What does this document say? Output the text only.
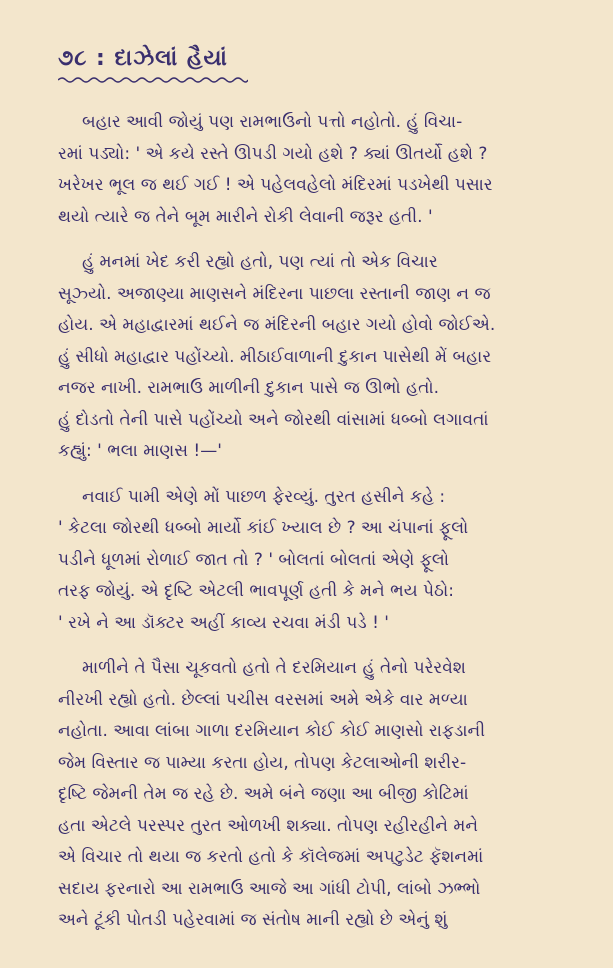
૭૮ : દાઝેલાં હૈયાં
બહાર આવી જોયું પણ રામભાઉનો પત્તો નહોતો. હું વિચા-
રમાં પડ્યો: ' એ કયે રસ્તે ઊપડી ગયો હશે ? ક્યાં ઊતર્યો હશે ?
ખરેખર ભૂલ જ થઈ ગઈ ! એ પહેલવહેલો મંદિરમાં પડખેથી પસાર
થયો ત્યારે જ તેને બૂમ મારીને રોકી લેવાની જરૂર હતી. '
હું મનમાં ખેદ કરી રહ્યો હતો, પણ ત્યાં તો એક વિચાર
સૂઝ્યો. અજાણ્યા માણસને મંદિરના પાછલા રસ્તાની જાણ ન જ
હોય. એ મહાદ્વારમાં થઈને જ મંદિરની બહાર ગયો હોવો જોઈએ.
હું સીધો મહાદ્વાર પહોંચ્યો. મીઠાઈવાળાની દુકાન પાસેથી મેં બહાર
નજર નાખી. રામભાઉ માળીની દુકાન પાસે જ ઊભો હતો.
હું દોડતો તેની પાસે પહોંચ્યો અને જોરથી વાંસામાં ધબ્બો લગાવતાં
કહ્યું: ' ભલા માણસ !—'
નવાઈ પામી એણે મોં પાછળ ફેરવ્યું. તુરત હસીને કહે :
' કેટલા જોરથી ધબ્બો માર્યો કાંઈ ખ્યાલ છે ? આ ચંપાનાં ફૂલો
પડીને ધૂળમાં રોળાઈ જાત તો ? ' બોલતાં બોલતાં એણે ફૂલો
તરફ જોયું. એ દૃષ્ટિ એટલી ભાવપૂર્ણ હતી કે મને ભય પેઠો:
' રખે ને આ ડૉક્ટર અહીં કાવ્ય રચવા મંડી પડે ! '
માળીને તે પૈસા ચૂકવતો હતો તે દરમિયાન હું તેનો પરેરવેશ
નીરખી રહ્યો હતો. છેલ્લાં પચીસ વરસમાં અમે એકે વાર મળ્યા
નહોતા. આવા લાંબા ગાળા દરમિયાન કોઈ કોઈ માણસો રાફડાની
જેમ વિસ્તાર જ પામ્યા કરતા હોય, તોપણ કેટલાઓની શરીર-
દૃષ્ટિ જેમની તેમ જ રહે છે. અમે બંને જણા આ બીજી કોટિમાં
હતા એટલે પરસ્પર તુરત ઓળખી શક્યા. તોપણ રહીરહીને મને
એ વિચાર તો થયા જ કરતો હતો કે કૉલેજમાં અપટુડેટ ફૅશનમાં
સદાય ફરનારો આ રામભાઉ આજે આ ગાંધી ટોપી, લાંબો ઝભ્ભો
અને ટૂંકી પોતડી પહેરવામાં જ સંતોષ માની રહ્યો છે એનું શું
